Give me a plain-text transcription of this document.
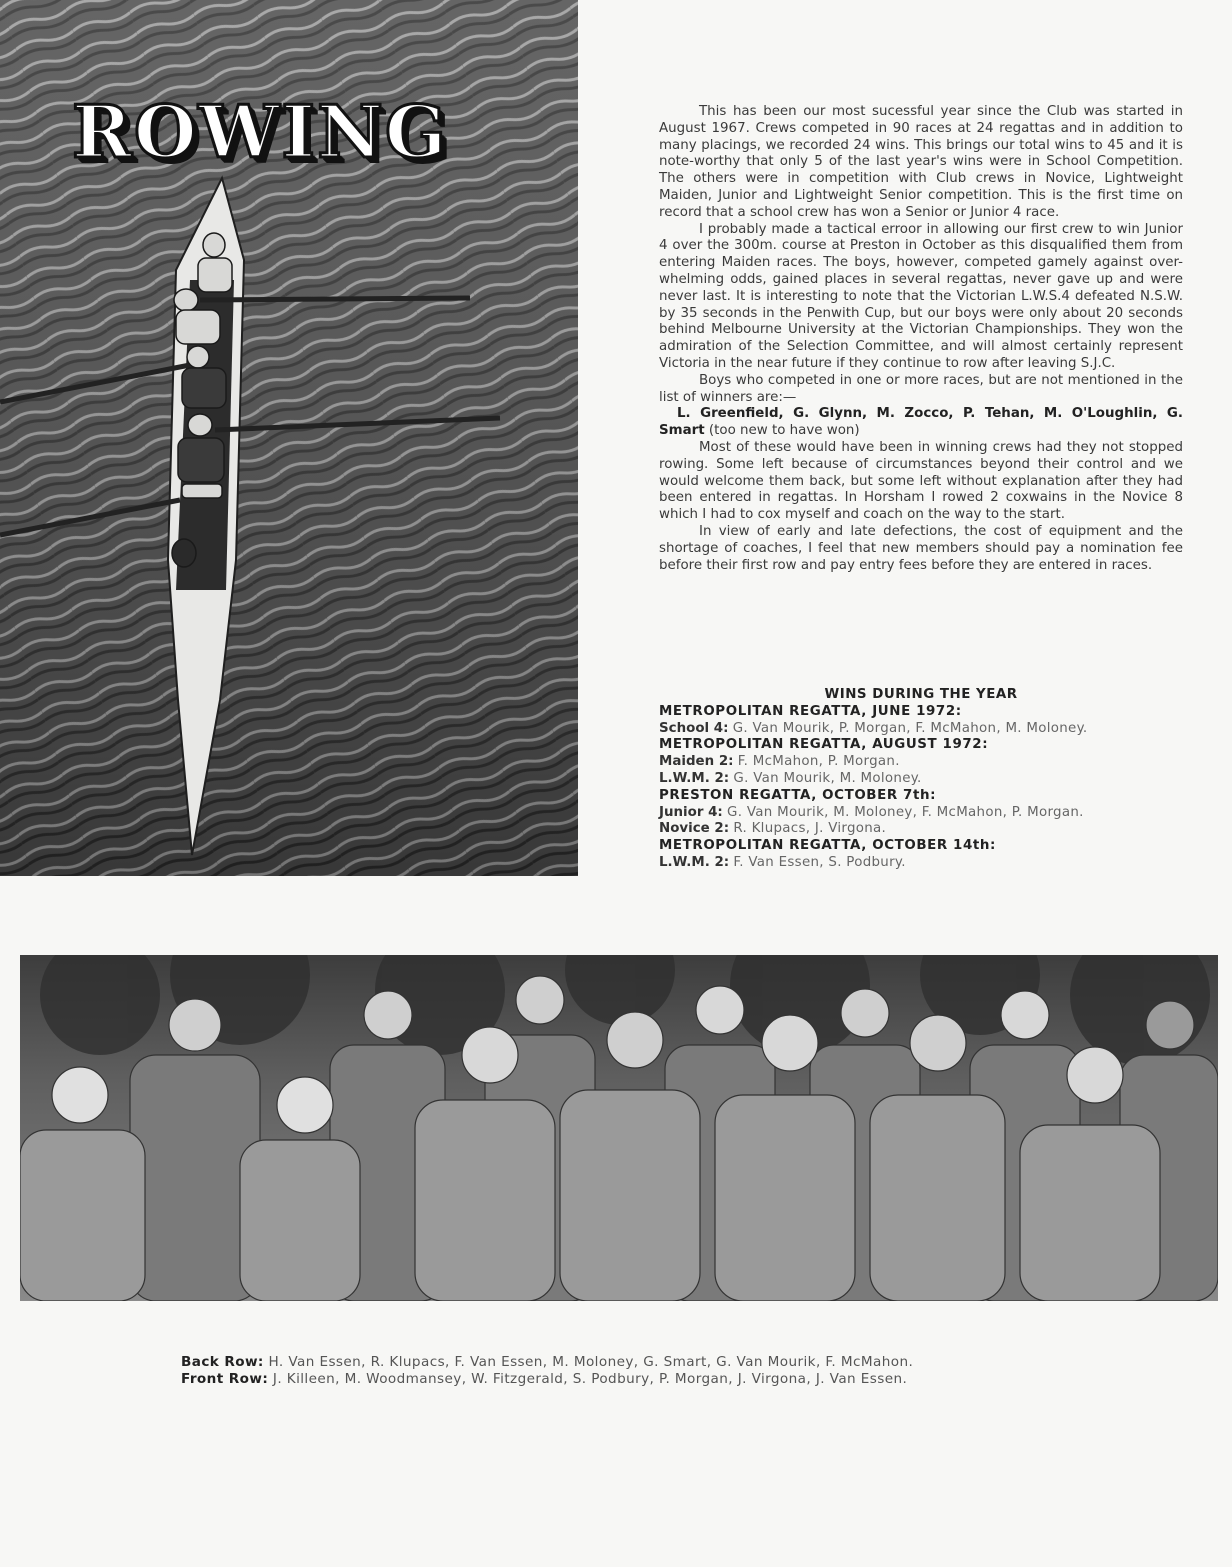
ROWING	This has been our most sucessful year since the Club was started in August 1967. Crews competed in 90 races at 24 regattas and in addition to many placings, we recorded 24 wins. This brings our total wins to 45 and it is note-worthy that only 5 of the last year's wins were in School Competition. The others were in competition with Club crews in Novice, Lightweight Maiden, Junior and Lightweight Senior competition. This is the first time on record that a school crew has won a Senior or Junior 4 race.

I probably made a tactical erroor in allowing our first crew to win Junior 4 over the 300m. course at Preston in October as this disqualified them from entering Maiden races. The boys, however, competed gamely against over-whelming odds, gained places in several regattas, never gave up and were never last. It is interesting to note that the Victorian L.W.S.4 defeated N.S.W. by 35 seconds in the Penwith Cup, but our boys were only about 20 seconds behind Melbourne University at the Victorian Championships. They won the admiration of the Selection Committee, and will almost certainly represent Victoria in the near future if they continue to row after leaving S.J.C.

Boys who competed in one or more races, but are not mentioned in the list of winners are:—

L. Greenfield, G. Glynn, M. Zocco, P. Tehan, M. O'Loughlin, G. Smart (too new to have won)

Most of these would have been in winning crews had they not stopped rowing. Some left because of circumstances beyond their control and we would welcome them back, but some left without explanation after they had been entered in regattas. In Horsham I rowed 2 coxwains in the Novice 8 which I had to cox myself and coach on the way to the start.

In view of early and late defections, the cost of equipment and the shortage of coaches, I feel that new members should pay a nomination fee before their first row and pay entry fees before they are entered in races.

WINS DURING THE YEAR
METROPOLITAN REGATTA, JUNE 1972:
School 4: G. Van Mourik, P. Morgan, F. McMahon, M. Moloney.
METROPOLITAN REGATTA, AUGUST 1972:
Maiden 2: F. McMahon, P. Morgan.
L.W.M. 2: G. Van Mourik, M. Moloney.
PRESTON REGATTA, OCTOBER 7th:
Junior 4: G. Van Mourik, M. Moloney, F. McMahon, P. Morgan.
Novice 2: R. Klupacs, J. Virgona.
METROPOLITAN REGATTA, OCTOBER 14th:
L.W.M. 2: F. Van Essen, S. Podbury.
Back Row: H. Van Essen, R. Klupacs, F. Van Essen, M. Moloney, G. Smart, G. Van Mourik, F. McMahon.
Front Row: J. Killeen, M. Woodmansey, W. Fitzgerald, S. Podbury, P. Morgan, J. Virgona, J. Van Essen.
